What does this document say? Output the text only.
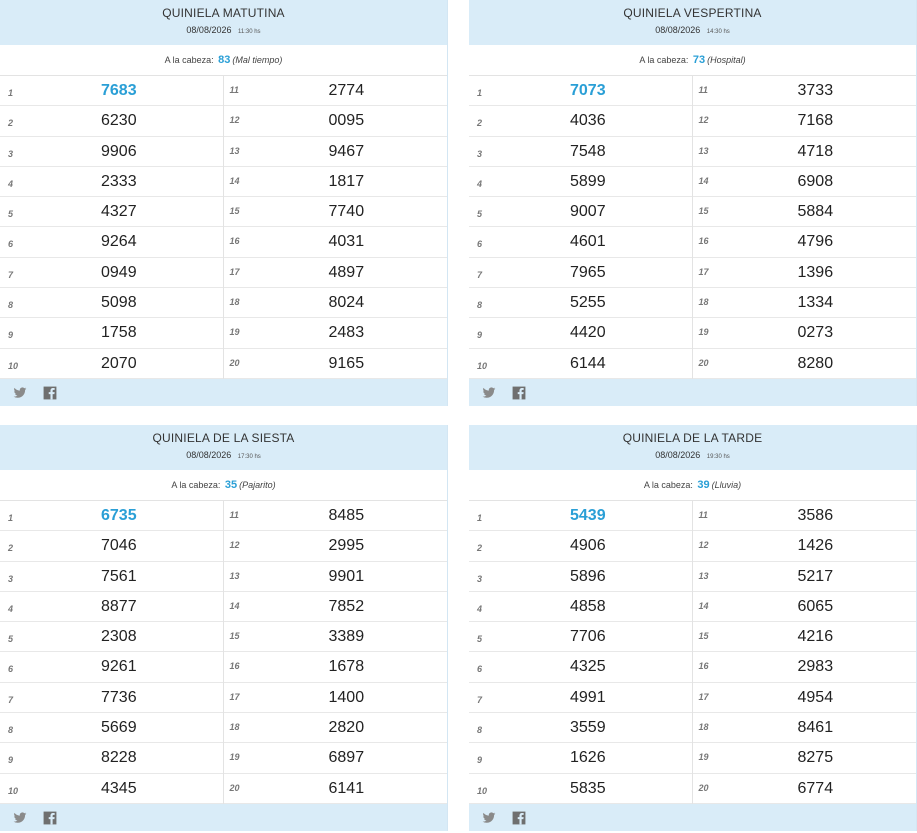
QUINIELA MATUTINA
08/08/2026 11:30 hs
A la cabeza: 83 (Mal tiempo)
1	7683
2	6230
3	9906
4	2333
5	4327
6	9264
7	0949
8	5098
9	1758
10	2070
11	2774
12	0095
13	9467
14	1817
15	7740
16	4031
17	4897
18	8024
19	2483
20	9165
QUINIELA VESPERTINA
08/08/2026 14:30 hs
A la cabeza: 73 (Hospital)
1	7073
2	4036
3	7548
4	5899
5	9007
6	4601
7	7965
8	5255
9	4420
10	6144
11	3733
12	7168
13	4718
14	6908
15	5884
16	4796
17	1396
18	1334
19	0273
20	8280
QUINIELA DE LA SIESTA
08/08/2026 17:30 hs
A la cabeza: 35 (Pajarito)
1	6735
2	7046
3	7561
4	8877
5	2308
6	9261
7	7736
8	5669
9	8228
10	4345
11	8485
12	2995
13	9901
14	7852
15	3389
16	1678
17	1400
18	2820
19	6897
20	6141
QUINIELA DE LA TARDE
08/08/2026 19:30 hs
A la cabeza: 39 (Lluvia)
1	5439
2	4906
3	5896
4	4858
5	7706
6	4325
7	4991
8	3559
9	1626
10	5835
11	3586
12	1426
13	5217
14	6065
15	4216
16	2983
17	4954
18	8461
19	8275
20	6774
